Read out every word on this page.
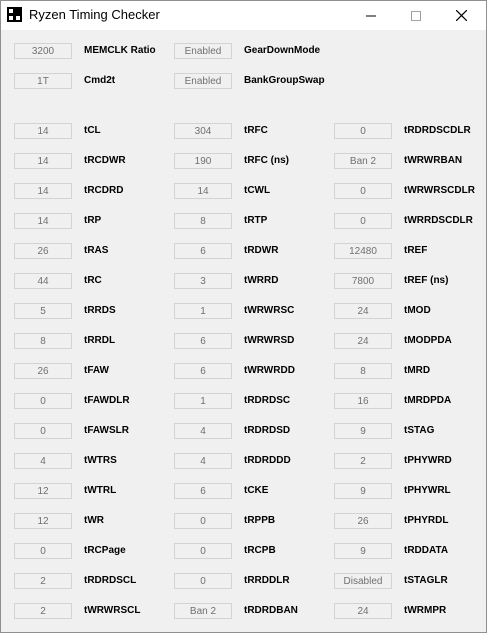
Ryzen Timing Checker
3200	MEMCLK Ratio	Enabled	GearDownMode
1T	Cmd2t	Enabled	BankGroupSwap
14	tCL	304	tRFC	0	tRDRDSCDLR
14	tRCDWR	190	tRFC (ns)	Ban 2	tWRWRBAN
14	tRCDRD	14	tCWL	0	tWRWRSCDLR
14	tRP	8	tRTP	0	tWRRDSCDLR
26	tRAS	6	tRDWR	12480	tREF
44	tRC	3	tWRRD	7800	tREF (ns)
5	tRRDS	1	tWRWRSC	24	tMOD
8	tRRDL	6	tWRWRSD	24	tMODPDA
26	tFAW	6	tWRWRDD	8	tMRD
0	tFAWDLR	1	tRDRDSC	16	tMRDPDA
0	tFAWSLR	4	tRDRDSD	9	tSTAG
4	tWTRS	4	tRDRDDD	2	tPHYWRD
12	tWTRL	6	tCKE	9	tPHYWRL
12	tWR	0	tRPPB	26	tPHYRDL
0	tRCPage	0	tRCPB	9	tRDDATA
2	tRDRDSCL	0	tRRDDLR	Disabled	tSTAGLR
2	tWRWRSCL	Ban 2	tRDRDBAN	24	tWRMPR
